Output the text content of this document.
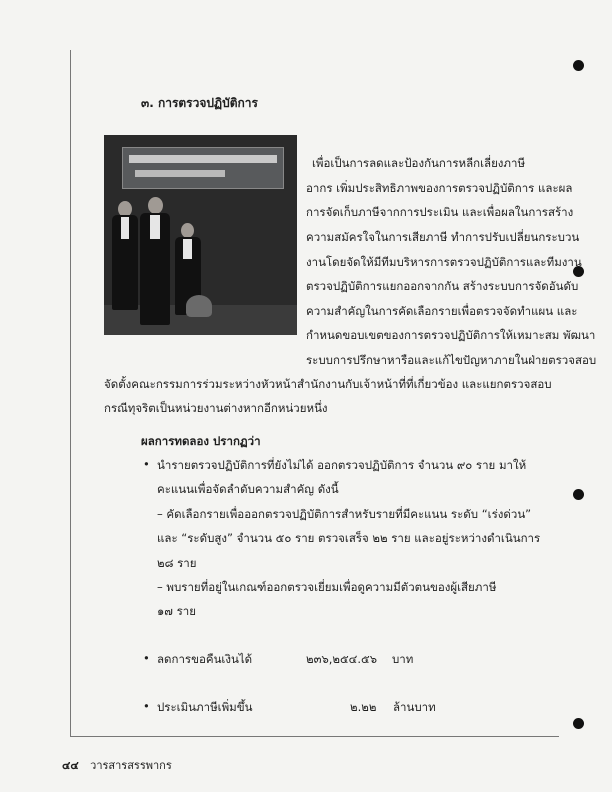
๓. การตรวจปฏิบัติการ
เพื่อเป็นการลดและป้องกันการหลีกเลี่ยงภาษี
อากร เพิ่มประสิทธิภาพของการตรวจปฏิบัติการ และผล
การจัดเก็บภาษีจากการประเมิน และเพื่อผลในการสร้าง
ความสมัครใจในการเสียภาษี ทำการปรับเปลี่ยนกระบวน
งานโดยจัดให้มีทีมบริหารการตรวจปฏิบัติการและทีมงาน
ตรวจปฏิบัติการแยกออกจากกัน สร้างระบบการจัดอันดับ
ความสำคัญในการคัดเลือกรายเพื่อตรวจจัดทำแผน และ
กำหนดขอบเขตของการตรวจปฏิบัติการให้เหมาะสม พัฒนา
ระบบการปรึกษาหารือและแก้ไขปัญหาภายในฝ่ายตรวจสอบ
จัดตั้งคณะกรรมการร่วมระหว่างหัวหน้าสำนักงานกับเจ้าหน้าที่ที่เกี่ยวข้อง และแยกตรวจสอบ
กรณีทุจริตเป็นหน่วยงานต่างหากอีกหน่วยหนึ่ง
ผลการทดลอง ปรากฏว่า
• นำรายตรวจปฏิบัติการที่ยังไม่ได้ ออกตรวจปฏิบัติการ จำนวน ๙๐ ราย มาให้
คะแนนเพื่อจัดลำดับความสำคัญ ดังนี้
– คัดเลือกรายเพื่อออกตรวจปฏิบัติการสำหรับรายที่มีคะแนน ระดับ “เร่งด่วน”
และ “ระดับสูง” จำนวน ๕๐ ราย ตรวจเสร็จ ๒๒ ราย และอยู่ระหว่างดำเนินการ
๒๘ ราย
– พบรายที่อยู่ในเกณฑ์ออกตรวจเยี่ยมเพื่อดูความมีตัวตนของผู้เสียภาษี
๑๗ ราย
• ลดการขอคืนเงินได้	๒๓๖,๒๕๔.๕๖ บาท
• ประเมินภาษีเพิ่มขึ้น	๒.๒๒ ล้านบาท
๔๔ วารสารสรรพากร
